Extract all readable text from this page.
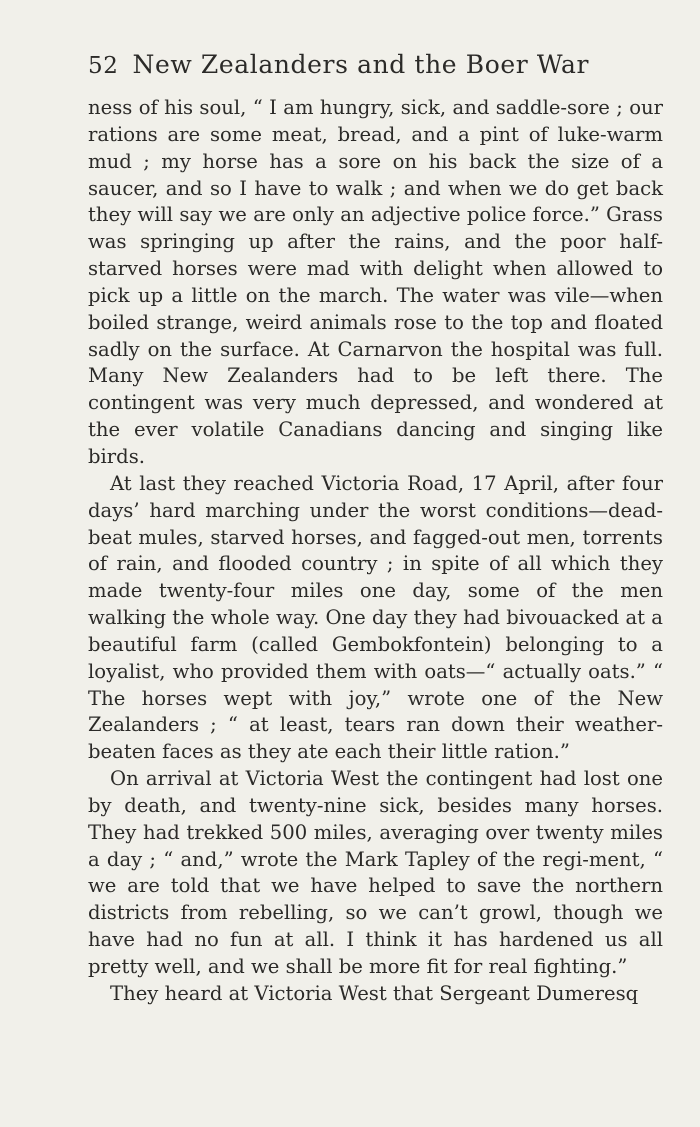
52 New Zealanders and the Boer War

ness of his soul, “ I am hungry, sick, and saddle-sore ; our rations are some meat, bread, and a pint of luke-warm mud ; my horse has a sore on his back the size of a saucer, and so I have to walk ; and when we do get back they will say we are only an adjective police force.” Grass was springing up after the rains, and the poor half-starved horses were mad with delight when allowed to pick up a little on the march. The water was vile—when boiled strange, weird animals rose to the top and floated sadly on the surface. At Carnarvon the hospital was full. Many New Zealanders had to be left there. The contingent was very much depressed, and wondered at the ever volatile Canadians dancing and singing like birds.

At last they reached Victoria Road, 17 April, after four days’ hard marching under the worst conditions—dead-beat mules, starved horses, and fagged-out men, torrents of rain, and flooded country ; in spite of all which they made twenty-four miles one day, some of the men walking the whole way. One day they had bivouacked at a beautiful farm (called Gembokfontein) belonging to a loyalist, who provided them with oats—“ actually oats.” “ The horses wept with joy,” wrote one of the New Zealanders ; “ at least, tears ran down their weather-beaten faces as they ate each their little ration.”

On arrival at Victoria West the contingent had lost one by death, and twenty-nine sick, besides many horses. They had trekked 500 miles, averaging over twenty miles a day ; “ and,” wrote the Mark Tapley of the regi-ment, “ we are told that we have helped to save the northern districts from rebelling, so we can’t growl, though we have had no fun at all. I think it has hardened us all pretty well, and we shall be more fit for real fighting.”

They heard at Victoria West that Sergeant Dumeresq
